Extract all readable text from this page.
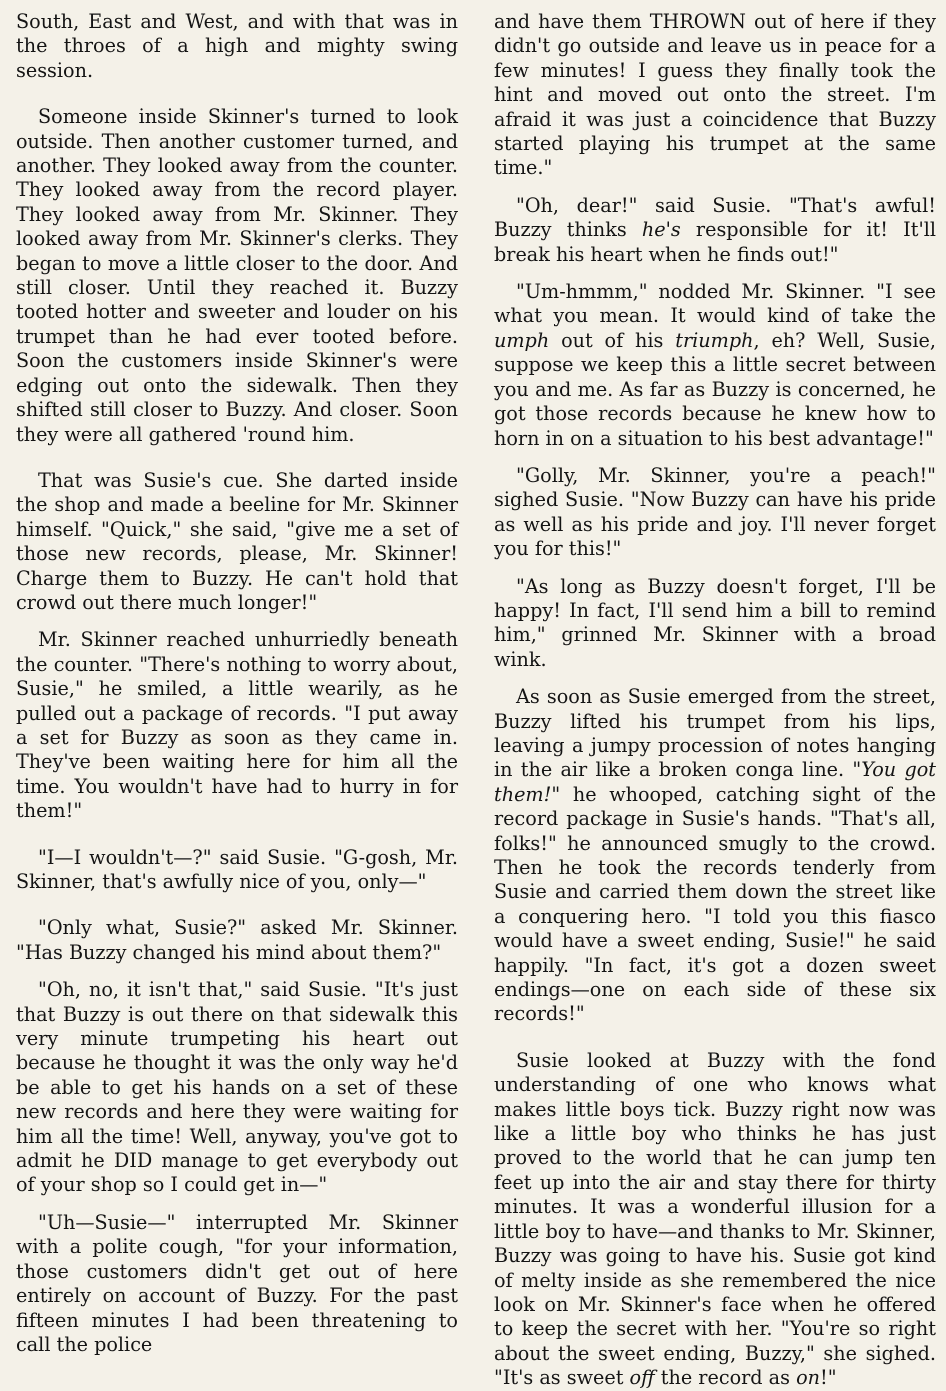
South, East and West, and with that was in the throes of a high and mighty swing session.

Someone inside Skinner's turned to look outside. Then another customer turned, and another. They looked away from the counter. They looked away from the record player. They looked away from Mr. Skinner. They looked away from Mr. Skinner's clerks. They began to move a little closer to the door. And still closer. Until they reached it. Buzzy tooted hotter and sweeter and louder on his trumpet than he had ever tooted before. Soon the customers inside Skinner's were edging out onto the sidewalk. Then they shifted still closer to Buzzy. And closer. Soon they were all gathered 'round him.

That was Susie's cue. She darted inside the shop and made a beeline for Mr. Skinner himself. "Quick," she said, "give me a set of those new records, please, Mr. Skinner! Charge them to Buzzy. He can't hold that crowd out there much longer!"

Mr. Skinner reached unhurriedly beneath the counter. "There's nothing to worry about, Susie," he smiled, a little wearily, as he pulled out a package of records. "I put away a set for Buzzy as soon as they came in. They've been waiting here for him all the time. You wouldn't have had to hurry in for them!"

"I—I wouldn't—?" said Susie. "G-gosh, Mr. Skinner, that's awfully nice of you, only—"

"Only what, Susie?" asked Mr. Skinner. "Has Buzzy changed his mind about them?"

"Oh, no, it isn't that," said Susie. "It's just that Buzzy is out there on that sidewalk this very minute trumpeting his heart out because he thought it was the only way he'd be able to get his hands on a set of these new records and here they were waiting for him all the time! Well, anyway, you've got to admit he DID manage to get everybody out of your shop so I could get in—"

"Uh—Susie—" interrupted Mr. Skinner with a polite cough, "for your information, those customers didn't get out of here entirely on account of Buzzy. For the past fifteen minutes I had been threatening to call the police

and have them THROWN out of here if they didn't go outside and leave us in peace for a few minutes! I guess they finally took the hint and moved out onto the street. I'm afraid it was just a coincidence that Buzzy started playing his trumpet at the same time."

"Oh, dear!" said Susie. "That's awful! Buzzy thinks he's responsible for it! It'll break his heart when he finds out!"

"Um-hmmm," nodded Mr. Skinner. "I see what you mean. It would kind of take the umph out of his triumph, eh? Well, Susie, suppose we keep this a little secret between you and me. As far as Buzzy is concerned, he got those records because he knew how to horn in on a situation to his best advantage!"

"Golly, Mr. Skinner, you're a peach!" sighed Susie. "Now Buzzy can have his pride as well as his pride and joy. I'll never forget you for this!"

"As long as Buzzy doesn't forget, I'll be happy! In fact, I'll send him a bill to remind him," grinned Mr. Skinner with a broad wink.

As soon as Susie emerged from the street, Buzzy lifted his trumpet from his lips, leaving a jumpy procession of notes hanging in the air like a broken conga line. "You got them!" he whooped, catching sight of the record package in Susie's hands. "That's all, folks!" he announced smugly to the crowd. Then he took the records tenderly from Susie and carried them down the street like a conquering hero. "I told you this fiasco would have a sweet ending, Susie!" he said happily. "In fact, it's got a dozen sweet endings—one on each side of these six records!"

Susie looked at Buzzy with the fond understanding of one who knows what makes little boys tick. Buzzy right now was like a little boy who thinks he has just proved to the world that he can jump ten feet up into the air and stay there for thirty minutes. It was a wonderful illusion for a little boy to have—and thanks to Mr. Skinner, Buzzy was going to have his. Susie got kind of melty inside as she remembered the nice look on Mr. Skinner's face when he offered to keep the secret with her. "You're so right about the sweet ending, Buzzy," she sighed. "It's as sweet off the record as on!"
